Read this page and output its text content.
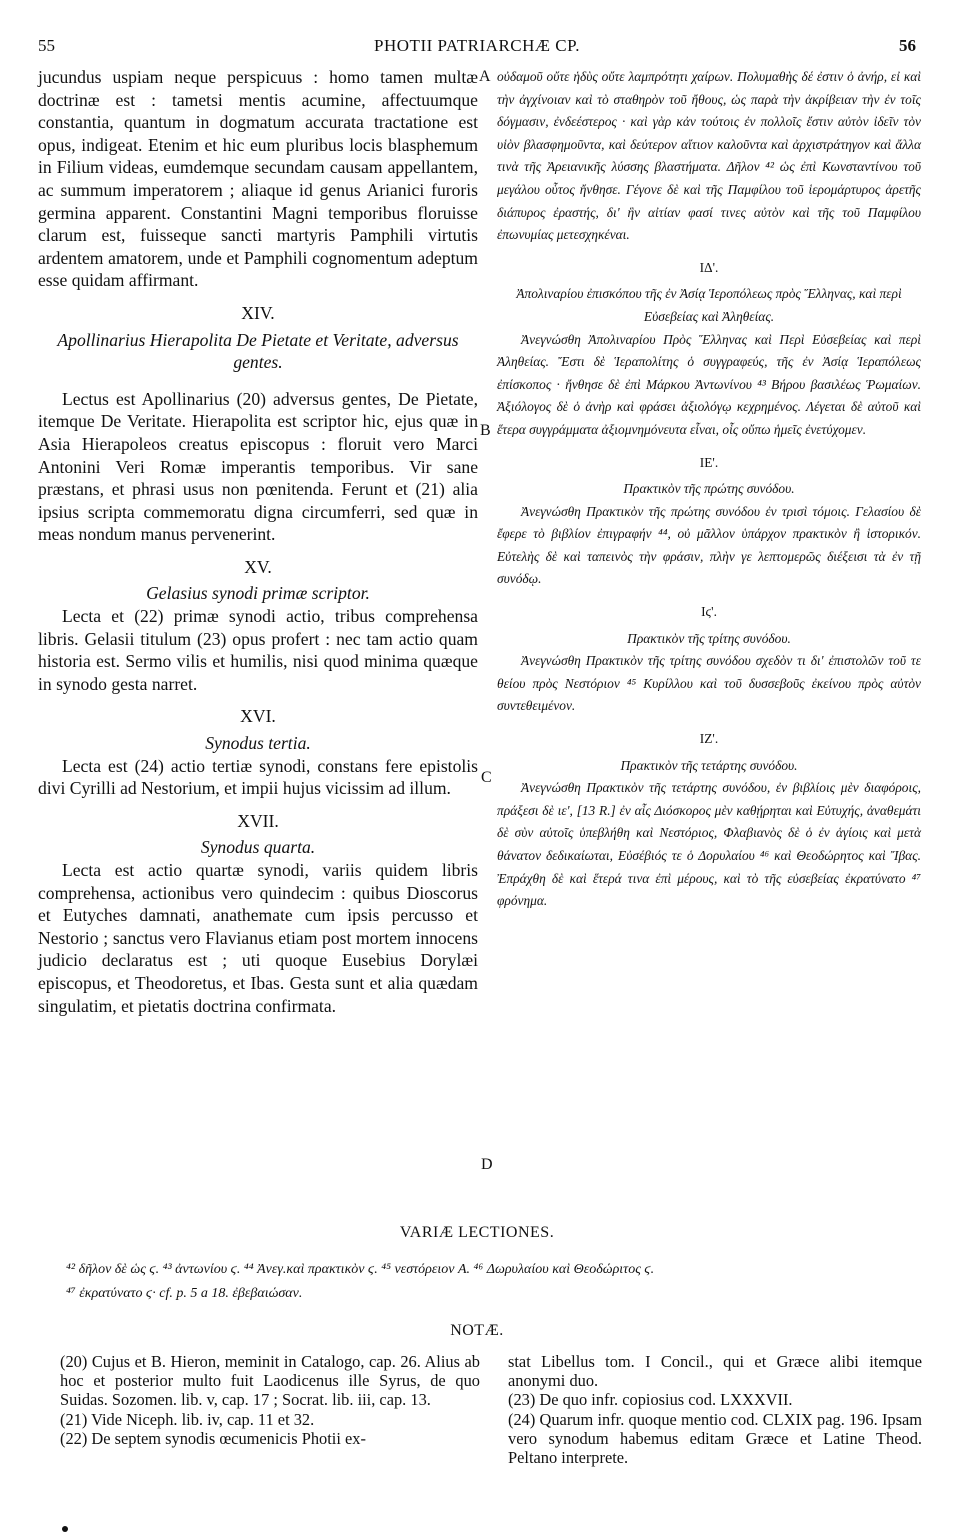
55	PHOTII PATRIARCHÆ CP.	56

jucundus uspiam neque perspicuus : homo tamen multæ doctrinæ est : tametsi mentis acumine, affectuumque constantia, quantum in dogmatum accurata tractatione est opus, indigeat. Etenim et hic eum pluribus locis blasphemum in Filium videas, eumdemque secundam causam appellantem, ac summum imperatorem ; aliaque id genus Arianici furoris germina apparent. Constantini Magni temporibus floruisse clarum est, fuisseque sancti martyris Pamphili virtutis ardentem amatorem, unde et Pamphili cognomentum adeptum esse quidam affirmant.

XIV.

Apollinarius Hierapolita De Pietate et Veritate, adversus gentes.

Lectus est Apollinarius (20) adversus gentes, De Pietate, itemque De Veritate. Hierapolita est scriptor hic, ejus quæ in Asia Hierapoleos creatus episcopus : floruit vero Marci Antonini Veri Romæ imperantis temporibus. Vir sane præstans, et phrasi usus non pœnitenda. Ferunt et (21) alia ipsius scripta commemoratu digna circumferri, sed quæ in meas nondum manus pervenerint.

XV.

Gelasius synodi primæ scriptor.

Lecta et (22) primæ synodi actio, tribus comprehensa libris. Gelasii titulum (23) opus profert : nec tam actio quam historia est. Sermo vilis et humilis, nisi quod minima quæque in synodo gesta narret.

XVI.

Synodus tertia.

Lecta est (24) actio tertiæ synodi, constans fere epistolis divi Cyrilli ad Nestorium, et impii hujus vicissim ad illum.

XVII.

Synodus quarta.

Lecta est actio quartæ synodi, variis quidem libris comprehensa, actionibus vero quindecim : quibus Dioscorus et Eutyches damnati, anathemate cum ipsis percusso et Nestorio ; sanctus vero Flavianus etiam post mortem innocens judicio declaratus est ; uti quoque Eusebius Dorylæi episcopus, et Theodoretus, et Ibas. Gesta sunt et alia quædam singulatim, et pietatis doctrina confirmata.

A
B
C
D

οὐδαμοῦ οὔτε ἡδὺς οὔτε λαμπρότητι χαίρων. Πολυμαθὴς δέ ἐστιν ὁ ἀνήρ, εἰ καὶ τὴν ἀγχίνοιαν καὶ τὸ σταθηρὸν τοῦ ἤθους, ὡς παρὰ τὴν ἀκρίβειαν τὴν ἐν τοῖς δόγμασιν, ἐνδεέστερος · καὶ γὰρ κἀν τούτοις ἐν πολλοῖς ἔστιν αὐτὸν ἰδεῖν τὸν υἱὸν βλασφημοῦντα, καὶ δεύτερον αἴτιον καλοῦντα καὶ ἀρχιστράτηγον καὶ ἄλλα τινὰ τῆς Ἀρειανικῆς λύσσης βλαστήματα. Δῆλον ⁴² ὡς ἐπὶ Κωνσταντίνου τοῦ μεγάλου οὗτος ἤνθησε. Γέγονε δὲ καὶ τῆς Παμφίλου τοῦ ἱερομάρτυρος ἀρετῆς διάπυρος ἐραστής, δι' ἣν αἰτίαν φασί τινες αὐτὸν καὶ τῆς τοῦ Παμφίλου ἐπωνυμίας μετεσχηκέναι.

ΙΔ'.

Ἀπολιναρίου ἐπισκόπου τῆς ἐν Ἀσίᾳ Ἱεροπόλεως πρὸς Ἕλληνας, καὶ περὶ Εὐσεβείας καὶ Ἀληθείας.

Ἀνεγνώσθη Ἀπολιναρίου Πρὸς Ἕλληνας καὶ Περὶ Εὐσεβείας καὶ περὶ Ἀληθείας. Ἔστι δὲ Ἱεραπολίτης ὁ συγγραφεύς, τῆς ἐν Ἀσίᾳ Ἱεραπόλεως ἐπίσκοπος · ἤνθησε δὲ ἐπὶ Μάρκου Ἀντωνίνου ⁴³ Βήρου βασιλέως Ῥωμαίων. Ἀξιόλογος δὲ ὁ ἀνὴρ καὶ φράσει ἀξιολόγῳ κεχρημένος. Λέγεται δὲ αὐτοῦ καὶ ἕτερα συγγράμματα ἀξιομνημόνευτα εἶναι, οἷς οὔπω ἡμεῖς ἐνετύχομεν.

ΙΕ'.

Πρακτικὸν τῆς πρώτης συνόδου.

Ἀνεγνώσθη Πρακτικὸν τῆς πρώτης συνόδου ἐν τρισὶ τόμοις. Γελασίου δὲ ἔφερε τὸ βιβλίον ἐπιγραφήν ⁴⁴, οὐ μᾶλλον ὑπάρχον πρακτικὸν ἢ ἱστορικόν. Εὐτελὴς δὲ καὶ ταπεινὸς τὴν φράσιν, πλὴν γε λεπτομερῶς διέξεισι τὰ ἐν τῇ συνόδῳ.

Ιϛ'.

Πρακτικὸν τῆς τρίτης συνόδου.

Ἀνεγνώσθη Πρακτικὸν τῆς τρίτης συνόδου σχεδὸν τι δι' ἐπιστολῶν τοῦ τε θείου πρὸς Νεστόριον ⁴⁵ Κυρίλλου καὶ τοῦ δυσσεβοῦς ἐκείνου πρὸς αὐτὸν συντεθειμένον.

ΙΖ'.

Πρακτικὸν τῆς τετάρτης συνόδου.

Ἀνεγνώσθη Πρακτικὸν τῆς τετάρτης συνόδου, ἐν βιβλίοις μὲν διαφόροις, πράξεσι δὲ ιε', [13 R.] ἐν αἷς Διόσκορος μὲν καθῄρηται καὶ Εὐτυχής, ἀναθεμάτι δὲ σὺν αὐτοῖς ὑπεβλήθη καὶ Νεστόριος, Φλαβιανὸς δὲ ὁ ἐν ἁγίοις καὶ μετὰ θάνατον δεδικαίωται, Εὐσέβιός τε ὁ Δορυλαίου ⁴⁶ καὶ Θεοδώρητος καὶ Ἴβας. Ἐπράχθη δὲ καὶ ἕτερά τινα ἐπὶ μέρους, καὶ τὸ τῆς εὐσεβείας ἐκρατύνατο ⁴⁷ φρόνημα.

VARIÆ LECTIONES.
⁴² δῆλον δὲ ὡς ϛ. ⁴³ ἀντωνίου ϛ. ⁴⁴ Ἀνεγ.καὶ πρακτικὸν ϛ. ⁴⁵ νεστόρειον A. ⁴⁶ Δωρυλαίου καὶ Θεοδώριτος ϛ.
⁴⁷ ἐκρατύνατο ϛ· cf. p. 5 a 18. ἐβεβαιώσαν.
NOTÆ.

(20) Cujus et B. Hieron, meminit in Catalogo, cap. 26. Alius ab hoc et posterior multo fuit Laodicenus ille Syrus, de quo Suidas. Sozomen. lib. v, cap. 17 ; Socrat. lib. iii, cap. 13.

(21) Vide Niceph. lib. iv, cap. 11 et 32.

(22) De septem synodis œcumenicis Photii ex-

stat Libellus tom. I Concil., qui et Græce alibi itemque anonymi duo.

(23) De quo infr. copiosius cod. LXXXVII.

(24) Quarum infr. quoque mentio cod. CLXIX pag. 196. Ipsam vero synodum habemus editam Græce et Latine Theod. Peltano interprete.
